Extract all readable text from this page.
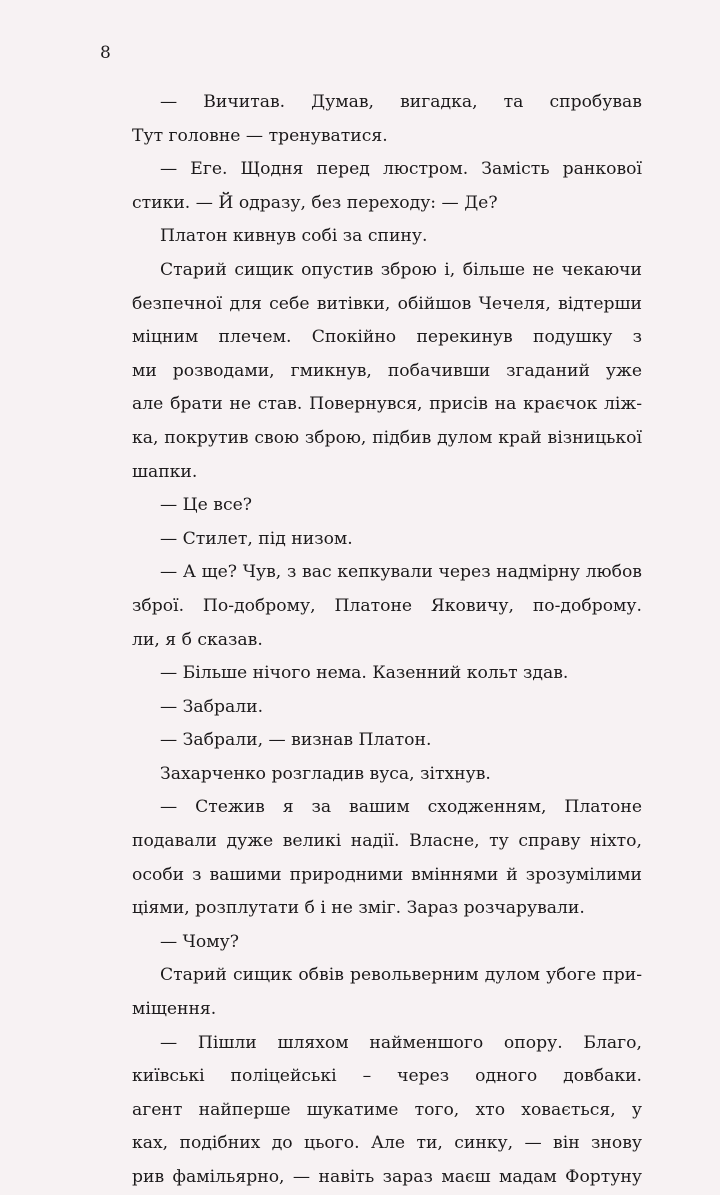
8
— Вичитав. Думав, вигадка, та спробував
Тут головне — тренуватися.
— Еге. Щодня перед люстром. Замість ранкової
стики. — Й одразу, без переходу: — Де?
Платон кивнув собі за спину.
Старий сищик опустив зброю і, більше не чекаючи
безпечної для себе витівки, обійшов Чечеля, відтерши
міцним плечем. Спокійно перекинув подушку з
ми розводами, гмикнув, побачивши згаданий уже
але брати не став. Повернувся, присів на краєчок ліж-
ка, покрутив свою зброю, підбив дулом край візницької
шапки.
— Це все?
— Стилет, під низом.
— А ще? Чув, з вас кепкували через надмірну любов
зброї. По-доброму, Платоне Яковичу, по-доброму.
ли, я б сказав.
— Більше нічого нема. Казенний кольт здав.
— Забрали.
— Забрали, — визнав Платон.
Захарченко розгладив вуса, зітхнув.
— Стежив я за вашим сходженням, Платоне
подавали дуже великі надії. Власне, ту справу ніхто,
особи з вашими природними вміннями й зрозумілими
ціями, розплутати б і не зміг. Зараз розчарували.
— Чому?
Старий сищик обвів револьверним дулом убоге при-
міщення.
— Пішли шляхом найменшого опору. Благо,
київські поліцейські – через одного довбаки.
агент найперше шукатиме того, хто ховається, у
ках, подібних до цього. Але ти, синку, — він знову
рив фамільярно, — навіть зараз маєш мадам Фортуну
